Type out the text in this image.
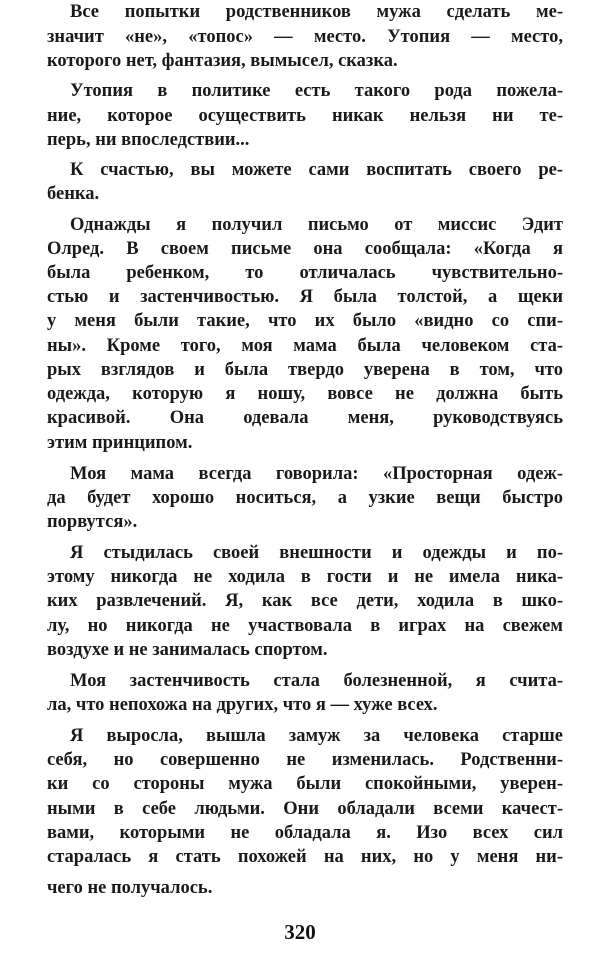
значит «не», «топос» — место. Утопия — место,
которого нет, фантазия, вымысел, сказка.
Утопия в политике есть такого рода пожела-
ние, которое осуществить никак нельзя ни те-
перь, ни впоследствии...
К счастью, вы можете сами воспитать своего ре-
бенка.
Однажды я получил письмо от миссис Эдит
Олред. В своем письме она сообщала: «Когда я
была ребенком, то отличалась чувствительно-
стью и застенчивостью. Я была толстой, а щеки
у меня были такие, что их было «видно со спи-
ны». Кроме того, моя мама была человеком ста-
рых взглядов и была твердо уверена в том, что
одежда, которую я ношу, вовсе не должна быть
красивой. Она одевала меня, руководствуясь
этим принципом.
Моя мама всегда говорила: «Просторная одеж-
да будет хорошо носиться, а узкие вещи быстро
порвутся».
Я стыдилась своей внешности и одежды и по-
этому никогда не ходила в гости и не имела ника-
ких развлечений. Я, как все дети, ходила в шко-
лу, но никогда не участвовала в играх на свежем
воздухе и не занималась спортом.
Моя застенчивость стала болезненной, я счита-
ла, что непохожа на других, что я — хуже всех.
Я выросла, вышла замуж за человека старше
себя, но совершенно не изменилась. Родственни-
ки со стороны мужа были спокойными, уверен-
ными в себе людьми. Они обладали всеми качест-
вами, которыми не обладала я. Изо всех сил
старалась я стать похожей на них, но у меня ни-
чего не получалось.
Все попытки родственников мужа сделать ме-
320
